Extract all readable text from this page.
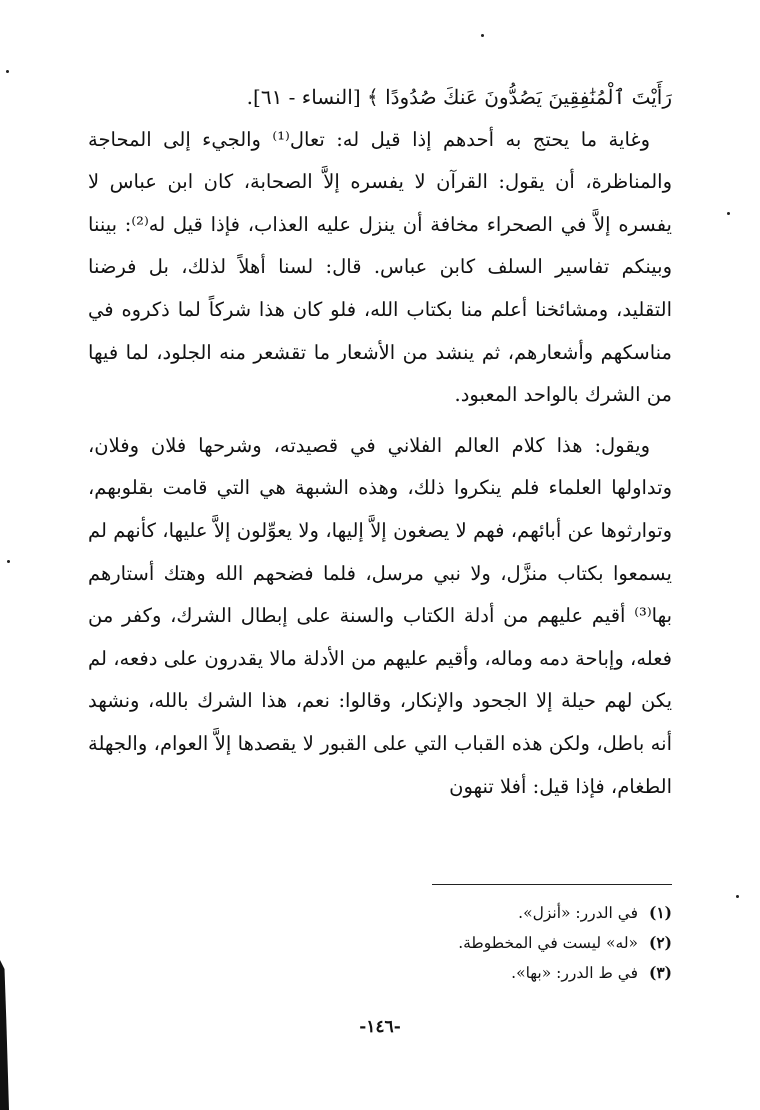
رَأَيْتَ ٱلْمُنَٰفِقِينَ يَصُدُّونَ عَنكَ صُدُودًا ﴾ [النساء - ٦١].

وغاية ما يحتج به أحدهم إذا قيل له: تعال⁽¹⁾ والجيء إلى المحاجة والمناظرة، أن يقول: القرآن لا يفسره إلاَّ الصحابة، كان ابن عباس لا يفسره إلاَّ في الصحراء مخافة أن ينزل عليه العذاب، فإذا قيل له⁽²⁾: بيننا وبينكم تفاسير السلف كابن عباس. قال: لسنا أهلاً لذلك، بل فرضنا التقليد، ومشائخنا أعلم منا بكتاب الله، فلو كان هذا شركاً لما ذكروه في مناسكهم وأشعارهم، ثم ينشد من الأشعار ما تقشعر منه الجلود، لما فيها من الشرك بالواحد المعبود.

ويقول: هذا كلام العالم الفلاني في قصيدته، وشرحها فلان وفلان، وتداولها العلماء فلم ينكروا ذلك، وهذه الشبهة هي التي قامت بقلوبهم، وتوارثوها عن أبائهم، فهم لا يصغون إلاَّ إليها، ولا يعوِّلون إلاَّ عليها، كأنهم لم يسمعوا بكتاب منزَّل، ولا نبي مرسل، فلما فضحهم الله وهتك أستارهم بها⁽³⁾ أقيم عليهم من أدلة الكتاب والسنة على إبطال الشرك، وكفر من فعله، وإباحة دمه وماله، وأقيم عليهم من الأدلة مالا يقدرون على دفعه، لم يكن لهم حيلة إلا الجحود والإنكار، وقالوا: نعم، هذا الشرك بالله، ونشهد أنه باطل، ولكن هذه القباب التي على القبور لا يقصدها إلاَّ العوام، والجهلة الطغام، فإذا قيل: أفلا تنهون

(١) في الدرر: «أنزل».
(٢) «له» ليست في المخطوطة.
(٣) في ط الدرر: «بها».
-١٤٦-
